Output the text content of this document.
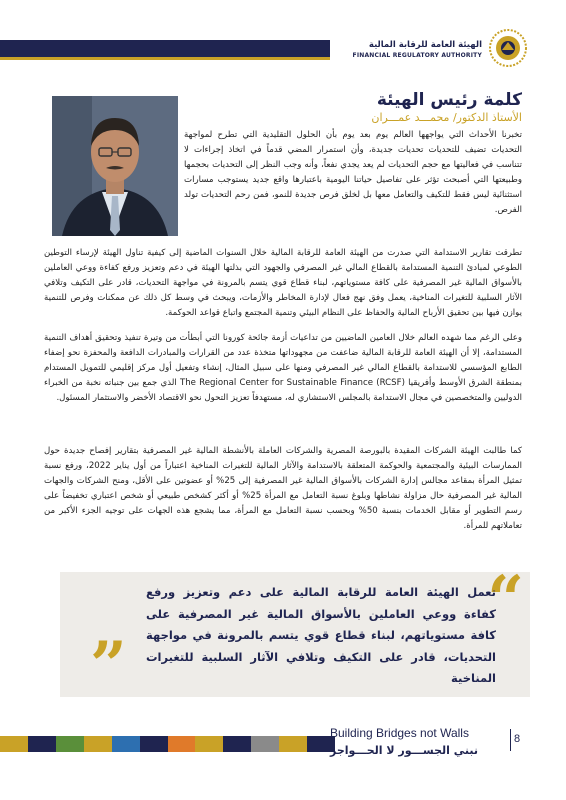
الهيئة العامة للرقابة المالية
FINANCIAL REGULATORY AUTHORITY
كلمة رئيس الهيئة
الأستاذ الدكتور/ محمـــد عمـــران
تخبرنا الأحداث التي يواجهها العالم يوم بعد يوم بأن الحلول التقليدية التي تطرح لمواجهة التحديات تضيف للتحديات تحديات جديدة، وأن استمرار المضي قدماً في اتخاذ إجراءات لا تتناسب في فعاليتها مع حجم التحديات لم يعد يجدي نفعاً، وأنه وجب النظر إلى التحديات بحجمها وطبيعتها التي أصبحت تؤثر على تفاصيل حياتنا اليومية باعتبارها واقع جديد يستوجب مسارات استثنائية ليس فقط للتكيف والتعامل معها بل لخلق فرص جديدة للنمو، فمن رحم التحديات تولد الفرص.
تطرقت تقارير الاستدامة التي صدرت من الهيئة العامة للرقابة المالية خلال السنوات الماضية إلى كيفية تناول الهيئة لإرساء التوطين الطوعي لمبادئ التنمية المستدامة بالقطاع المالي غير المصرفي والجهود التي بذلتها الهيئة في دعم وتعزيز ورفع كفاءة ووعي العاملين بالأسواق المالية غير المصرفية على كافة مستوياتهم، لبناء قطاع قوي يتسم بالمرونة في مواجهة التحديات، قادر على التكيف وتلافي الآثار السلبية للتغيرات المناخية، يعمل وفق نهج فعال لإدارة المخاطر والأزمات، ويبحث في وسط كل ذلك عن ممكنات وفرص للتنمية يوازن فيها بين تحقيق الأرباح المالية والحفاظ على النظام البيئي وتنمية المجتمع واتباع قواعد الحوكمة.
وعلى الرغم مما شهده العالم خلال العامين الماضيين من تداعيات أزمة جائحة كورونا التي أبطأت من وتيرة تنفيذ وتحقيق أهداف التنمية المستدامة، إلا أن الهيئة العامة للرقابة المالية ضاعفت من مجهوداتها متخذة عدد من القرارات والمبادرات الدافعة والمحفزة نحو إضفاء الطابع المؤسسي للاستدامة بالقطاع المالي غير المصرفي ومنها على سبيل المثال، إنشاء وتفعيل أول مركز إقليمي للتمويل المستدام بمنطقة الشرق الأوسط وأفريقيا (RCSF) The Regional Center for Sustainable Finance الذي جمع بين جنباته نخبة من الخبراء الدوليين والمتخصصين في مجال الاستدامة بالمجلس الاستشاري له، مستهدفاً تعزيز التحول نحو الاقتصاد الأخضر والاستثمار المسئول.
كما طالبت الهيئة الشركات المقيدة بالبورصة المصرية والشركات العاملة بالأنشطة المالية غير المصرفية بتقارير إفصاح جديدة حول الممارسات البيئية والمجتمعية والحوكمة المتعلقة بالاستدامة والآثار المالية للتغيرات المناخية اعتباراً من أول يناير 2022، ورفع نسبة تمثيل المرأة بمقاعد مجالس إدارة الشركات بالأسواق المالية غير المصرفية إلى 25% أو عضوتين على الأقل، ومنح الشركات والجهات المالية غير المصرفية حال مزاولة نشاطها وبلوغ نسبة التعامل مع المرأة 25% أو أكثر كشخص طبيعي أو شخص اعتباري تخفيضاً على رسم التطوير أو مقابل الخدمات بنسبة 50% وبحسب نسبة التعامل مع المرأة، مما يشجع هذه الجهات على توجيه الجزء الأكبر من تعاملاتهم للمرأة.
“
تعمل الهيئة العامة للرقابة المالية على دعم وتعزيز ورفع كفاءة ووعي العاملين بالأسواق المالية غير المصرفية على كافة مستوياتهم، لبناء قطاع قوي يتسم بالمرونة في مواجهة التحديات، قادر على التكيف وتلافي الآثار السلبية للتغيرات المناخية
”
Building Bridges not Walls
نبني الجســـور لا الحـــواجز
8
